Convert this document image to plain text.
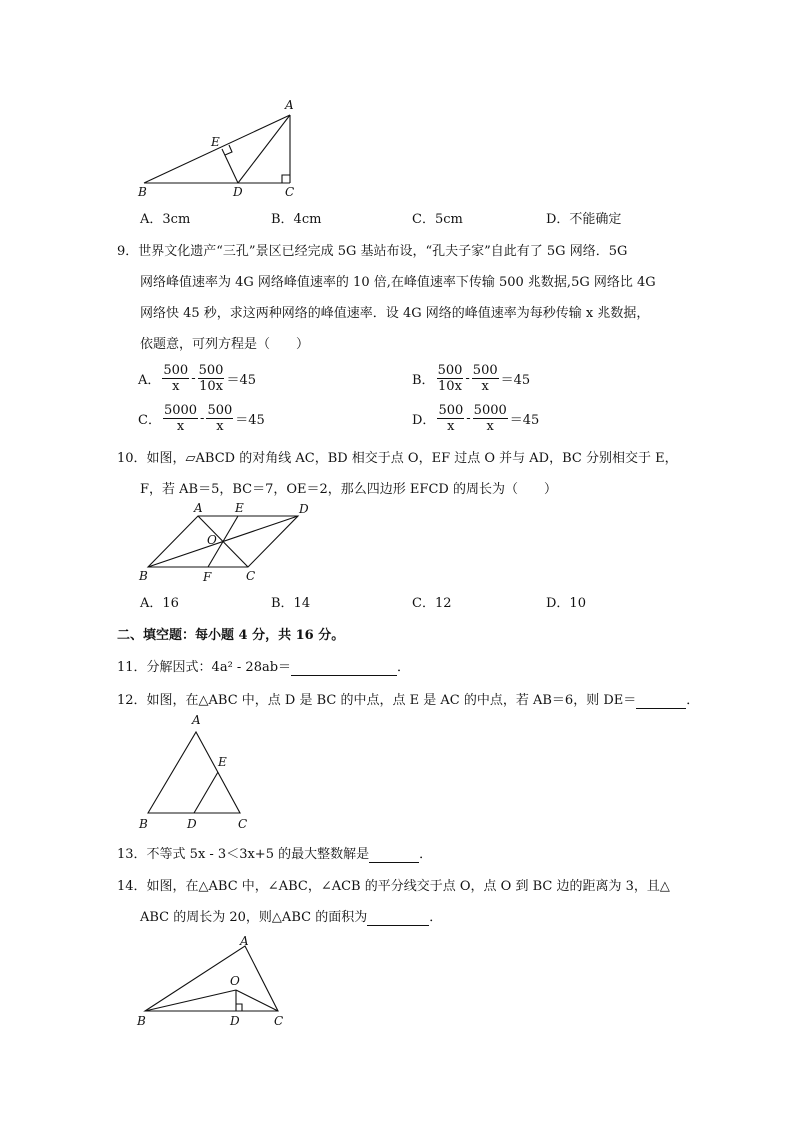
A
E
B	D	C
A．3cm	B．4cm	C．5cm	D．不能确定
9．世界文化遗产“三孔”景区已经完成 5G 基站布设，“孔夫子家”自此有了 5G 网络．5G
网络峰值速率为 4G 网络峰值速率的 10 倍,在峰值速率下传输 500 兆数据,5G 网络比 4G
网络快 45 秒，求这两种网络的峰值速率．设 4G 网络的峰值速率为每秒传输 x 兆数据，
依题意，可列方程是（　　）
A． $\frac{500}{x} - \frac{500}{10x} =45$	B． $\frac{500}{10x} - \frac{500}{x} =45$
C． $\frac{5000}{x} - \frac{500}{x} =45$	D． $\frac{500}{x} - \frac{5000}{x} =45$
10．如图，▱ABCD 的对角线 AC，BD 相交于点 O，EF 过点 O 并与 AD，BC 分别相交于 E，
F，若 AB＝5，BC＝7，OE＝2，那么四边形 EFCD 的周长为（　　）
A	E	D
O
B	F	C
A．16	B．14	C．12	D．10
二、填空题：每小题 4 分，共 16 分。
11．分解因式：4a² - 28ab＝	．
12．如图，在△ABC 中，点 D 是 BC 的中点，点 E 是 AC 的中点，若 AB＝6，则 DE＝	．
A
E
B	D	C
13．不等式 5x - 3＜3x+5 的最大整数解是	．
14．如图，在△ABC 中，∠ABC，∠ACB 的平分线交于点 O，点 O 到 BC 边的距离为 3，且△
ABC 的周长为 20，则△ABC 的面积为	．
A
O
B	D	C
